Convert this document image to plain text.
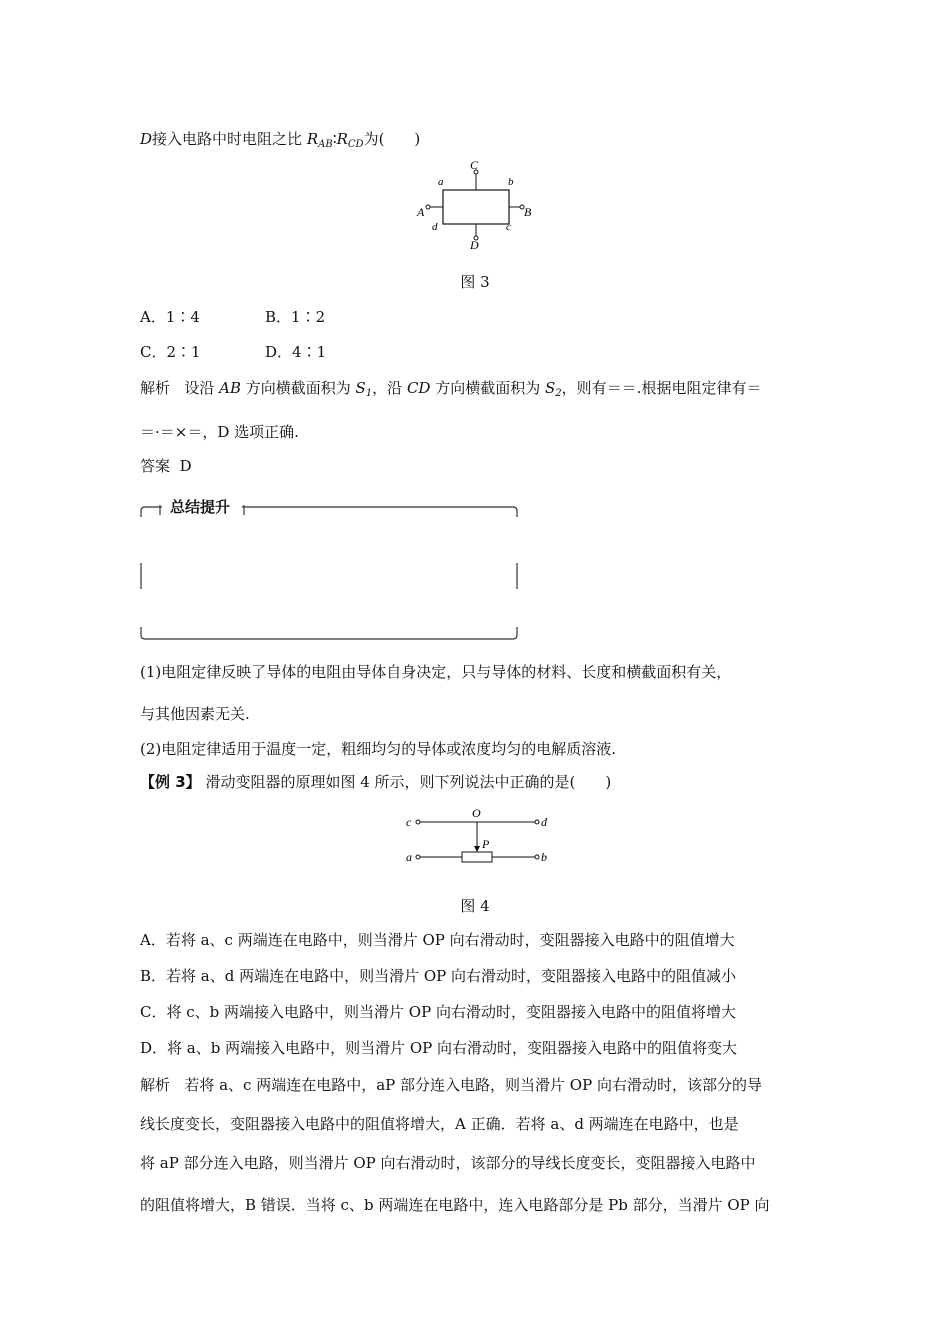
D接入电路中时电阻之比 $R_{AB}∶R_{CD}$为(　　)
C
D
A	B
a	b
d	c
图 3
A．1∶4	B．1∶2
C．2∶1	D．4∶1
解析 设沿 AB 方向横截面积为 $S_1$，沿 CD 方向横截面积为 $S_2$，则有＝＝.根据电阻定律有＝
＝·＝×＝，D 选项正确.
答案 D
总结提升
(1)电阻定律反映了导体的电阻由导体自身决定，只与导体的材料、长度和横截面积有关，
与其他因素无关.
(2)电阻定律适用于温度一定，粗细均匀的导体或浓度均匀的电解质溶液.
【例 3】 滑动变阻器的原理如图 4 所示，则下列说法中正确的是(　　)
c	d
a	b
O
P
图 4
A．若将 a、c 两端连在电路中，则当滑片 OP 向右滑动时，变阻器接入电路中的阻值增大
B．若将 a、d 两端连在电路中，则当滑片 OP 向右滑动时，变阻器接入电路中的阻值减小
C．将 c、b 两端接入电路中，则当滑片 OP 向右滑动时，变阻器接入电路中的阻值将增大
D．将 a、b 两端接入电路中，则当滑片 OP 向右滑动时，变阻器接入电路中的阻值将变大
解析 若将 a、c 两端连在电路中，aP 部分连入电路，则当滑片 OP 向右滑动时，该部分的导
线长度变长，变阻器接入电路中的阻值将增大，A 正确．若将 a、d 两端连在电路中，也是
将 aP 部分连入电路，则当滑片 OP 向右滑动时，该部分的导线长度变长，变阻器接入电路中
的阻值将增大，B 错误．当将 c、b 两端连在电路中，连入电路部分是 Pb 部分，当滑片 OP 向
